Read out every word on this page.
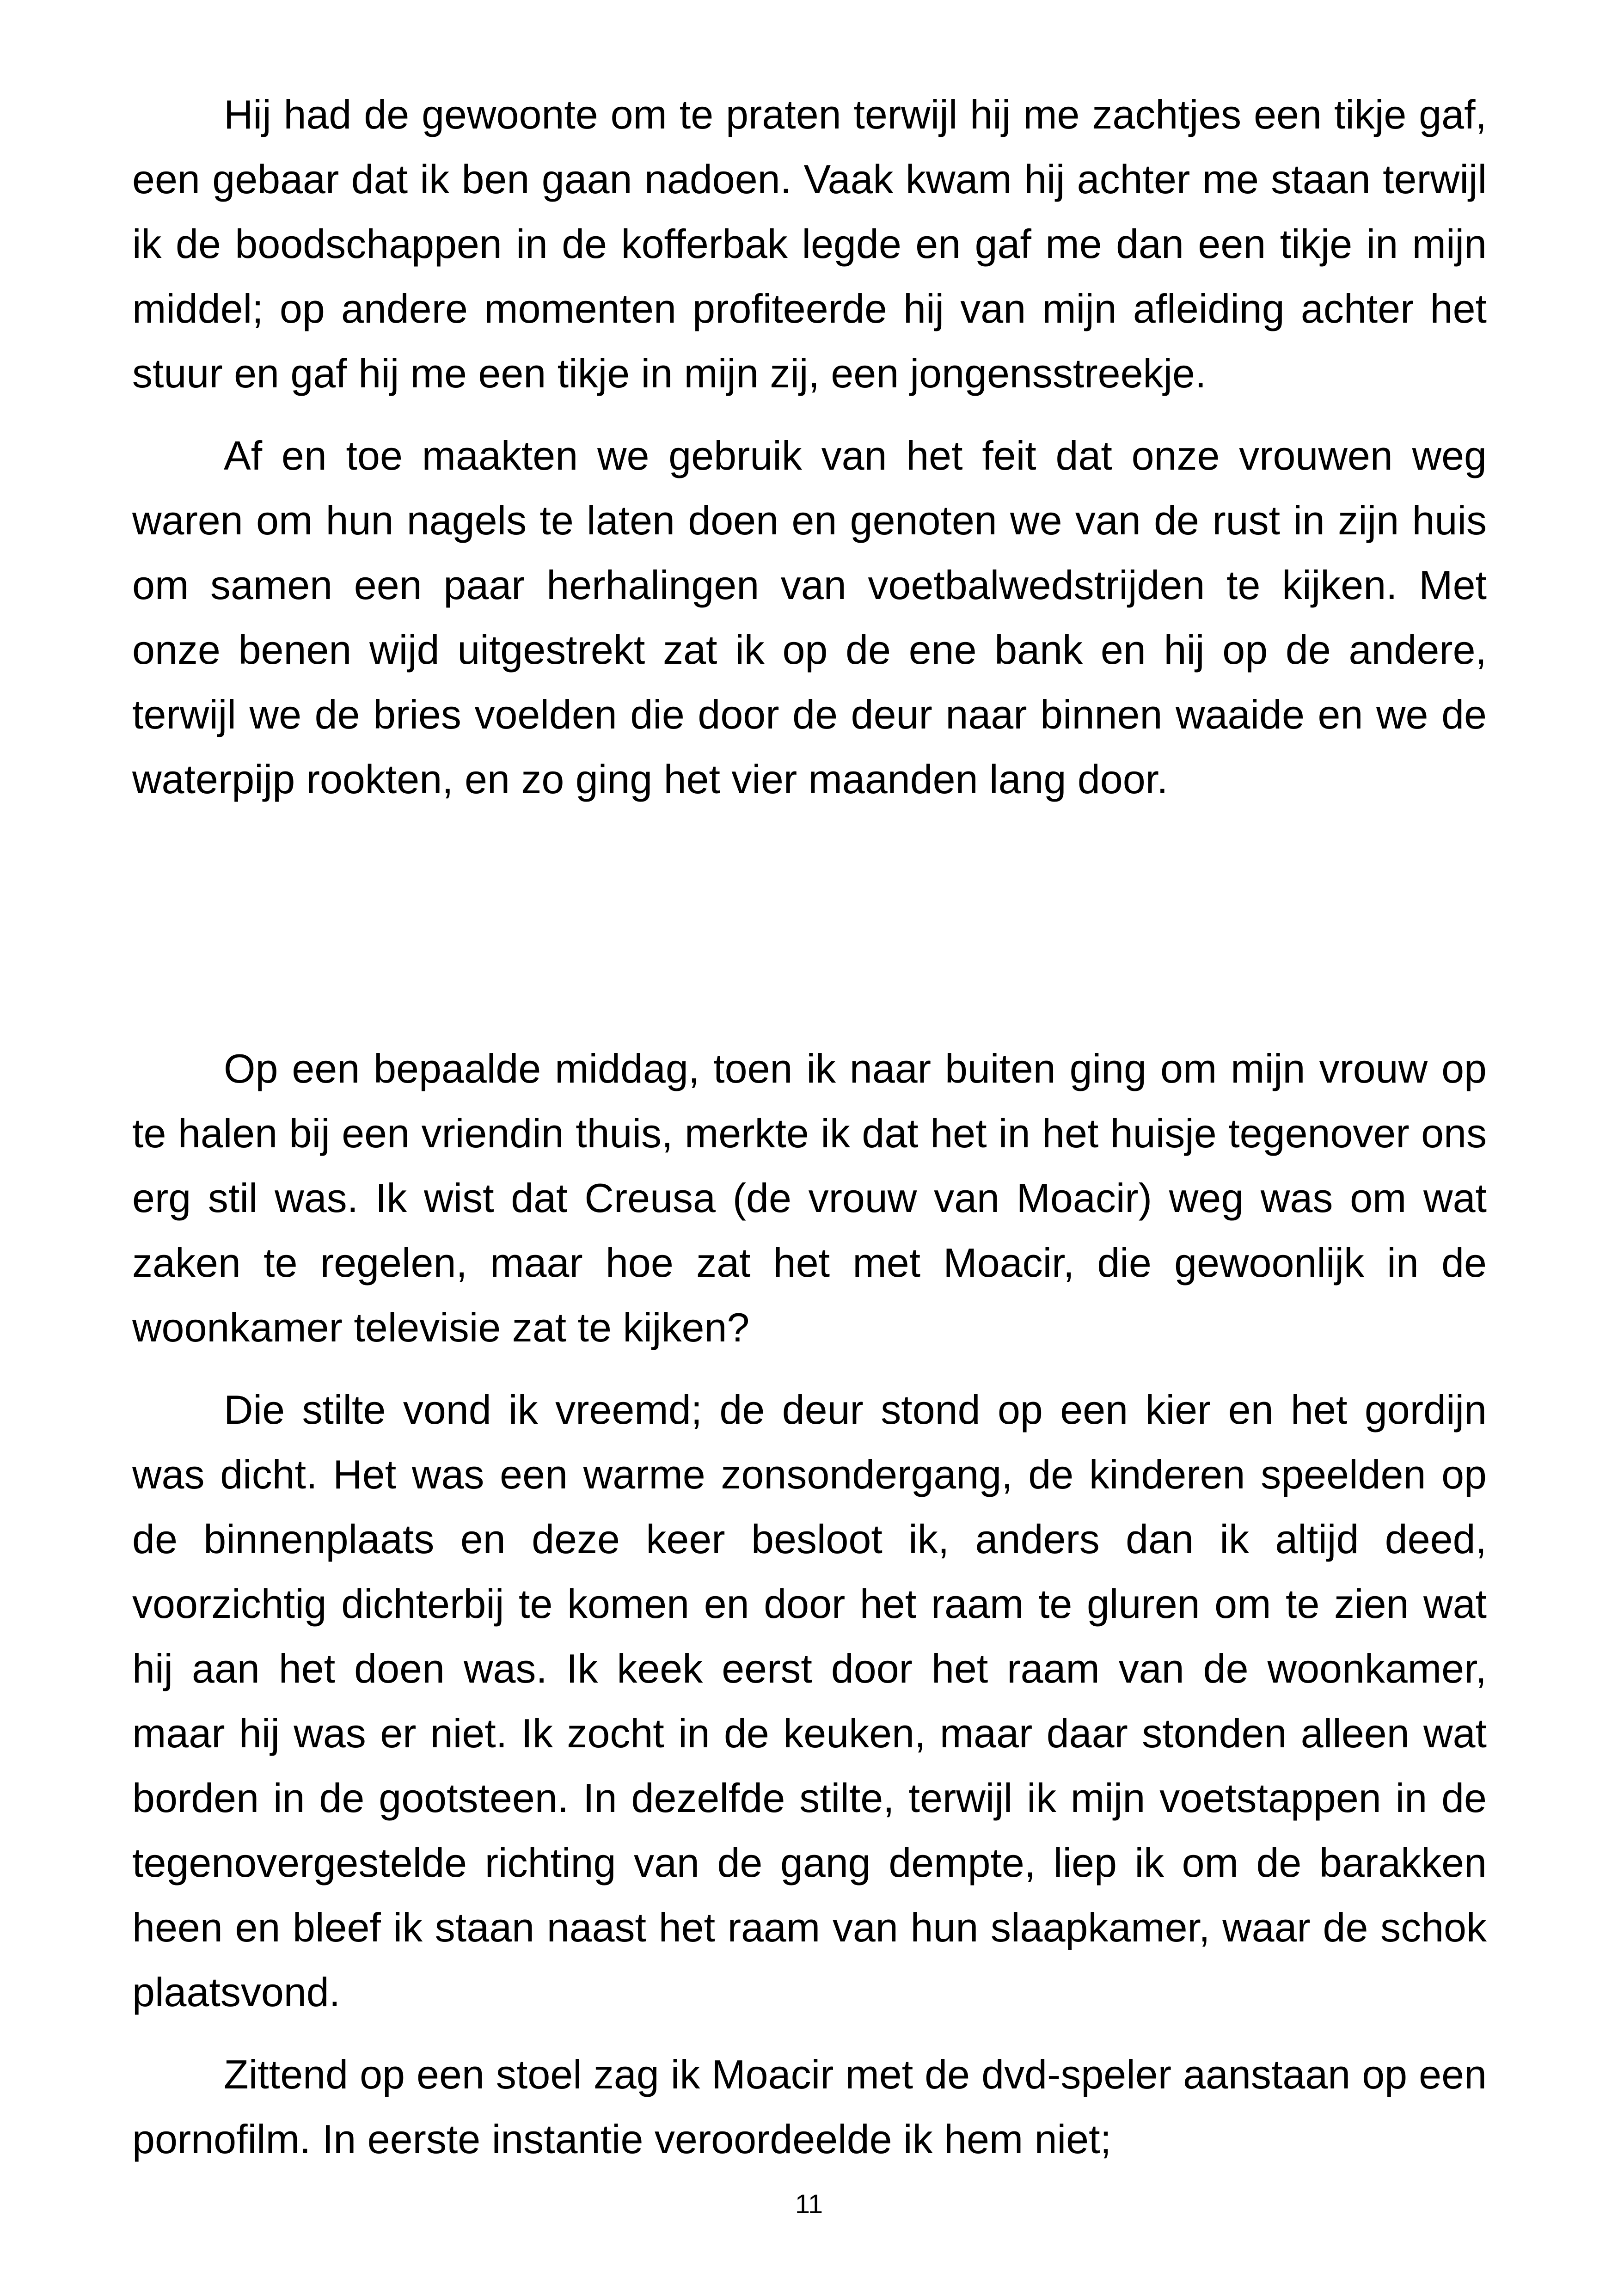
Hij had de gewoonte om te praten terwijl hij me zachtjes een tikje gaf, een gebaar dat ik ben gaan nadoen. Vaak kwam hij achter me staan terwijl ik de boodschappen in de kofferbak legde en gaf me dan een tikje in mijn middel; op andere momenten profiteerde hij van mijn afleiding achter het stuur en gaf hij me een tikje in mijn zij, een jongensstreekje.

Af en toe maakten we gebruik van het feit dat onze vrouwen weg waren om hun nagels te laten doen en genoten we van de rust in zijn huis om samen een paar herhalingen van voetbalwedstrijden te kijken. Met onze benen wijd uitgestrekt zat ik op de ene bank en hij op de andere, terwijl we de bries voelden die door de deur naar binnen waaide en we de waterpijp rookten, en zo ging het vier maanden lang door.

Op een bepaalde middag, toen ik naar buiten ging om mijn vrouw op te halen bij een vriendin thuis, merkte ik dat het in het huisje tegenover ons erg stil was. Ik wist dat Creusa (de vrouw van Moacir) weg was om wat zaken te regelen, maar hoe zat het met Moacir, die gewoonlijk in de woonkamer televisie zat te kijken?

Die stilte vond ik vreemd; de deur stond op een kier en het gordijn was dicht. Het was een warme zonsondergang, de kinderen speelden op de binnenplaats en deze keer besloot ik, anders dan ik altijd deed, voorzichtig dichterbij te komen en door het raam te gluren om te zien wat hij aan het doen was. Ik keek eerst door het raam van de woonkamer, maar hij was er niet. Ik zocht in de keuken, maar daar stonden alleen wat borden in de gootsteen. In dezelfde stilte, terwijl ik mijn voetstappen in de tegenovergestelde richting van de gang dempte, liep ik om de barakken heen en bleef ik staan naast het raam van hun slaapkamer, waar de schok plaatsvond.

Zittend op een stoel zag ik Moacir met de dvd-speler aanstaan op een pornofilm. In eerste instantie veroordeelde ik hem niet;

11
